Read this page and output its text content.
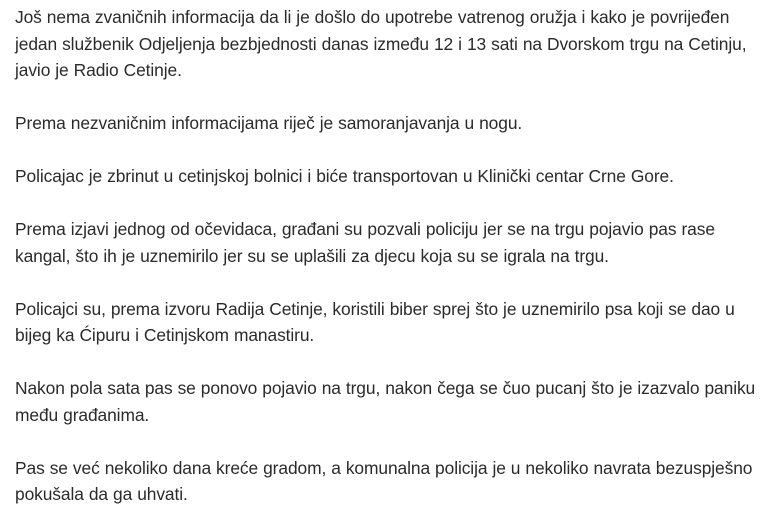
Još nema zvaničnih informacija da li je došlo do upotrebe vatrenog oružja i kako je povrijeđen jedan službenik Odjeljenja bezbjednosti danas između 12 i 13 sati na Dvorskom trgu na Cetinju, javio je Radio Cetinje.

Prema nezvaničnim informacijama riječ je samoranjavanja u nogu.

Policajac je zbrinut u cetinjskoj bolnici i biće transportovan u Klinički centar Crne Gore.

Prema izjavi jednog od očevidaca, građani su pozvali policiju jer se na trgu pojavio pas rase kangal, što ih je uznemirilo jer su se uplašili za djecu koja su se igrala na trgu.

Policajci su, prema izvoru Radija Cetinje, koristili biber sprej što je uznemirilo psa koji se dao u bijeg ka Ćipuru i Cetinjskom manastiru.

Nakon pola sata pas se ponovo pojavio na trgu, nakon čega se čuo pucanj što je izazvalo paniku među građanima.

Pas se već nekoliko dana kreće gradom, a komunalna policija je u nekoliko navrata bezuspješno pokušala da ga uhvati.
